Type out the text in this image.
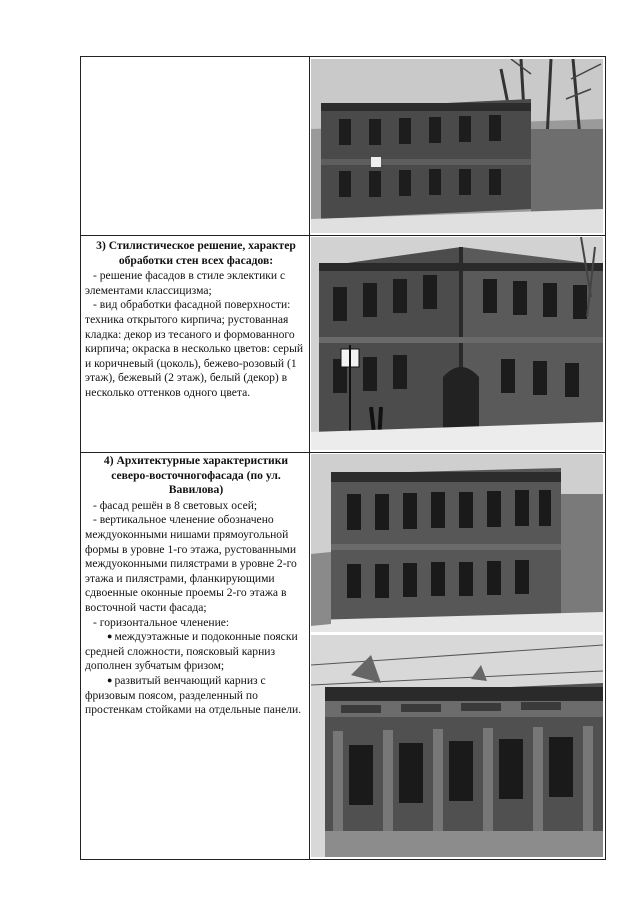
3) Стилистическое решение, характер обработки стен всех фасадов:

- решение фасадов в стиле эклектики с элементами классицизма;

- вид обработки фасадной поверхности: техника открытого кирпича; рустованная кладка: декор из тесаного и формованного кирпича; окраска в несколько цветов: серый и коричневый (цоколь), бежево-розовый (1 этаж), бежевый (2 этаж), белый (декор) в несколько оттенков одного цвета.

4) Архитектурные характеристики северо-восточногофасада (по ул. Вавилова)

- фасад решён в 8 световых осей;

- вертикальное членение обозначено междуоконными нишами прямоугольной формы в уровне 1-го этажа, рустованными междуоконными пилястрами в уровне 2-го этажа и пилястрами, фланкирующими сдвоенные оконные проемы 2-го этажа в восточной части фасада;

- горизонтальное членение:

● междуэтажные и подоконные пояски средней сложности, поясковый карниз дополнен зубчатым фризом;

● развитый венчающий карниз с фризовым поясом, разделенный по простенкам стойками на отдельные панели.
